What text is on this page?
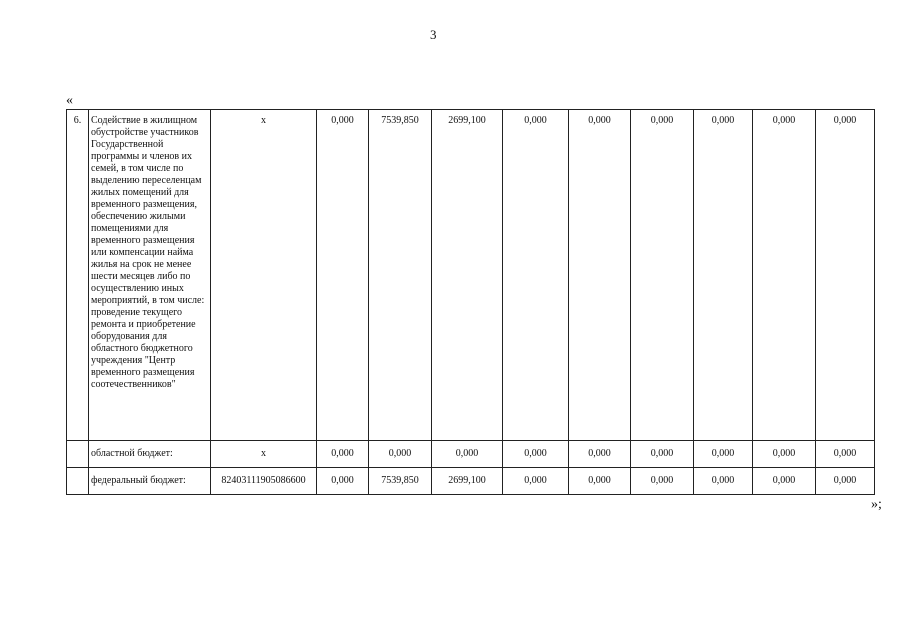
3
«
6.	Содействие в жилищном обустройстве участников Государственной программы и членов их семей, в том числе по выделению переселенцам жилых помещений для временного размещения, обеспечению жилыми помещениями для временного размещения или компенсации найма жилья на срок не менее шести месяцев либо по осуществлению иных мероприятий, в том числе: проведение текущего ремонта и приобретение оборудования для областного бюджетного учреждения "Центр временного размещения соотечественников"	х	0,000	7539,850	2699,100	0,000	0,000	0,000	0,000	0,000	0,000
	областной бюджет:	х	0,000	0,000	0,000	0,000	0,000	0,000	0,000	0,000	0,000
	федеральный бюджет:	82403111905086600	0,000	7539,850	2699,100	0,000	0,000	0,000	0,000	0,000	0,000
»;
